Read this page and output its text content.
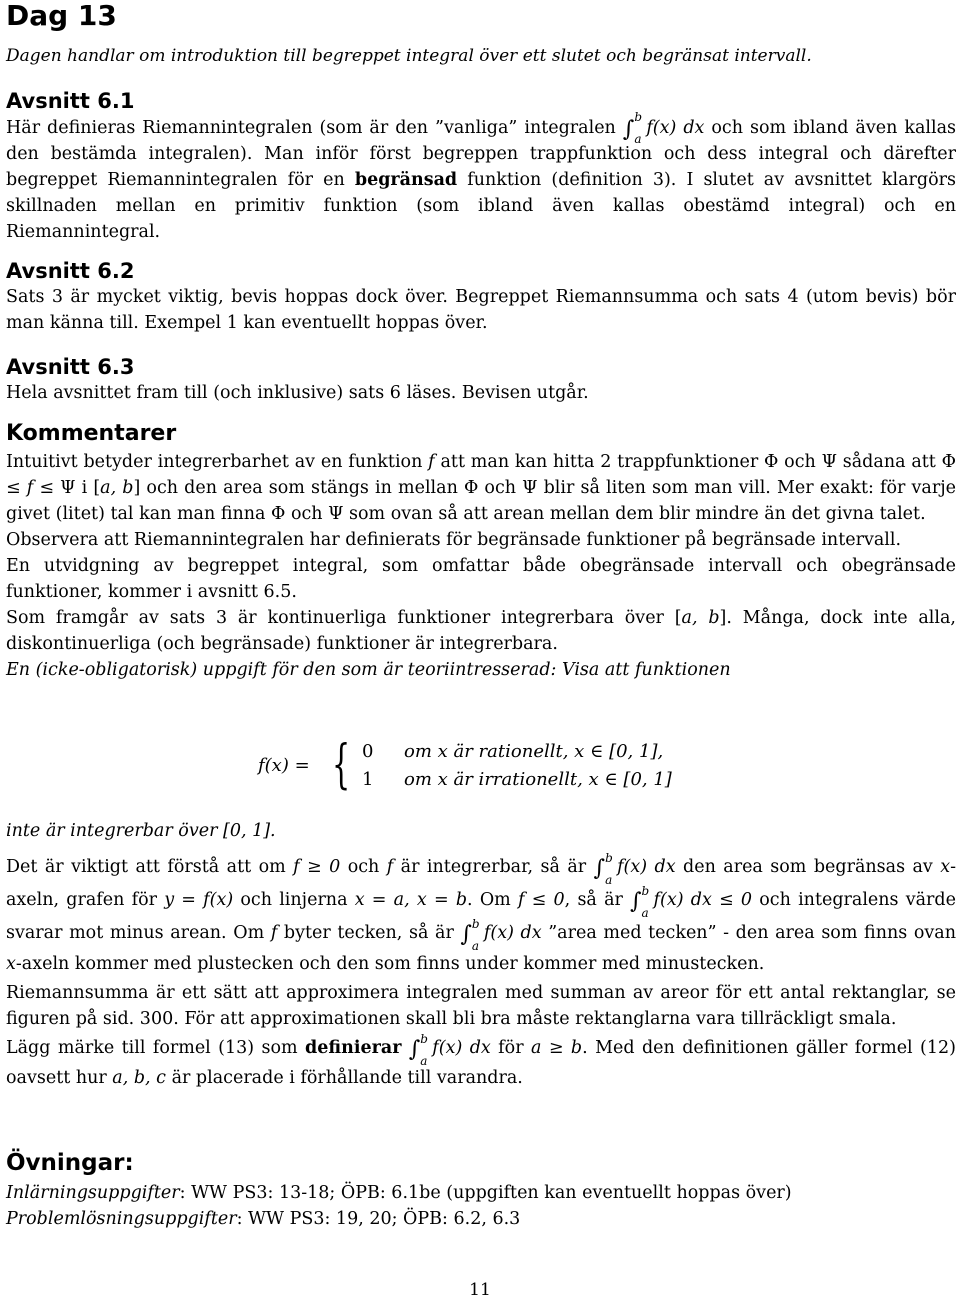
Dag 13
Dagen handlar om introduktion till begreppet integral över ett slutet och begränsat intervall.
Avsnitt 6.1

Här definieras Riemannintegralen (som är den ”vanliga” integralen ∫ b
a
f(x) dx och som ibland även kallas den bestämda integralen). Man inför först begreppen trappfunktion och dess integral och därefter begreppet Riemannintegralen för en begränsad funktion (definition 3). I slutet av avsnittet klargörs skillnaden mellan en primitiv funktion (som ibland även kallas obestämd integral) och en Riemannintegral.

Avsnitt 6.2

Sats 3 är mycket viktig, bevis hoppas dock över. Begreppet Riemannsumma och sats 4 (utom bevis) bör man känna till. Exempel 1 kan eventuellt hoppas över.

Avsnitt 6.3

Hela avsnittet fram till (och inklusive) sats 6 läses. Bevisen utgår.

Kommentarer

Intuitivt betyder integrerbarhet av en funktion f att man kan hitta 2 trappfunktioner Φ och Ψ sådana att Φ ≤ f ≤ Ψ i [a, b] och den area som stängs in mellan Φ och Ψ blir så liten som man vill. Mer exakt: för varje givet (litet) tal kan man finna Φ och Ψ som ovan så att arean mellan dem blir mindre än det givna talet.

Observera att Riemannintegralen har definierats för begränsade funktioner på begränsade intervall.

En utvidgning av begreppet integral, som omfattar både obegränsade intervall och obegränsade funktioner, kommer i avsnitt 6.5.

Som framgår av sats 3 är kontinuerliga funktioner integrerbara över [a, b]. Många, dock inte alla, diskontinuerliga (och begränsade) funktioner är integrerbara.

En (icke-obligatorisk) uppgift för den som är teoriintresserad: Visa att funktionen

f(x) = { 0 om x är rationellt, x ∈ [0, 1],
1 om x är irrationellt, x ∈ [0, 1]

inte är integrerbar över [0, 1].

Det är viktigt att förstå att om f ≥ 0 och f är integrerbar, så är ∫ b
a
f(x) dx den area som begränsas av x-axeln, grafen för y = f(x) och linjerna x = a, x = b. Om f ≤ 0, så är ∫ b
a
f(x) dx ≤ 0 och integralens värde svarar mot minus arean. Om f byter tecken, så är ∫ b
a
f(x) dx ”area med tecken” - den area som finns ovan x-axeln kommer med plustecken och den som finns under kommer med minustecken.

Riemannsumma är ett sätt att approximera integralen med summan av areor för ett antal rektanglar, se figuren på sid. 300. För att approximationen skall bli bra måste rektanglarna vara tillräckligt smala.

Lägg märke till formel (13) som definierar ∫ b
a
f(x) dx för a ≥ b. Med den definitionen gäller formel (12) oavsett hur a, b, c är placerade i förhållande till varandra.

Övningar:

Inlärningsuppgifter: WW PS3: 13-18; ÖPB: 6.1be (uppgiften kan eventuellt hoppas över)

Problemlösningsuppgifter: WW PS3: 19, 20; ÖPB: 6.2, 6.3

11
